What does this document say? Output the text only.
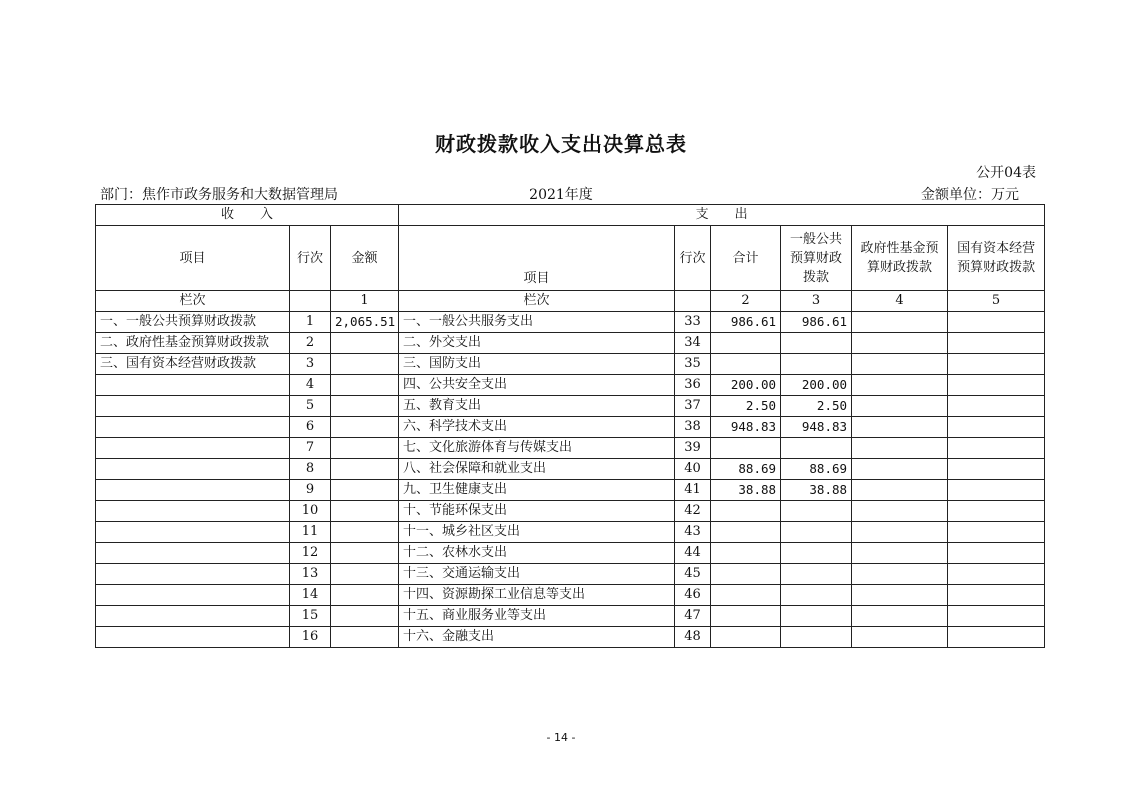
财政拨款收入支出决算总表
公开04表
2021年度
部门：焦作市政务服务和大数据管理局	金额单位：万元
收　　入			支　　出					
项目	行次	金额	项目	行次	合计	一般公共预算财政拨款	政府性基金预算财政拨款	国有资本经营预算财政拨款
栏次		1	栏次		2	3	4	5
一、一般公共预算财政拨款	1	2,065.51	一、一般公共服务支出	33	986.61	986.61		
二、政府性基金预算财政拨款	2		二、外交支出	34				
三、国有资本经营财政拨款	3		三、国防支出	35				
	4		四、公共安全支出	36	200.00	200.00		
	5		五、教育支出	37	2.50	2.50		
	6		六、科学技术支出	38	948.83	948.83		
	7		七、文化旅游体育与传媒支出	39				
	8		八、社会保障和就业支出	40	88.69	88.69		
	9		九、卫生健康支出	41	38.88	38.88		
	10		十、节能环保支出	42				
	11		十一、城乡社区支出	43				
	12		十二、农林水支出	44				
	13		十三、交通运输支出	45				
	14		十四、资源勘探工业信息等支出	46				
	15		十五、商业服务业等支出	47				
	16		十六、金融支出	48				
- 14 -
